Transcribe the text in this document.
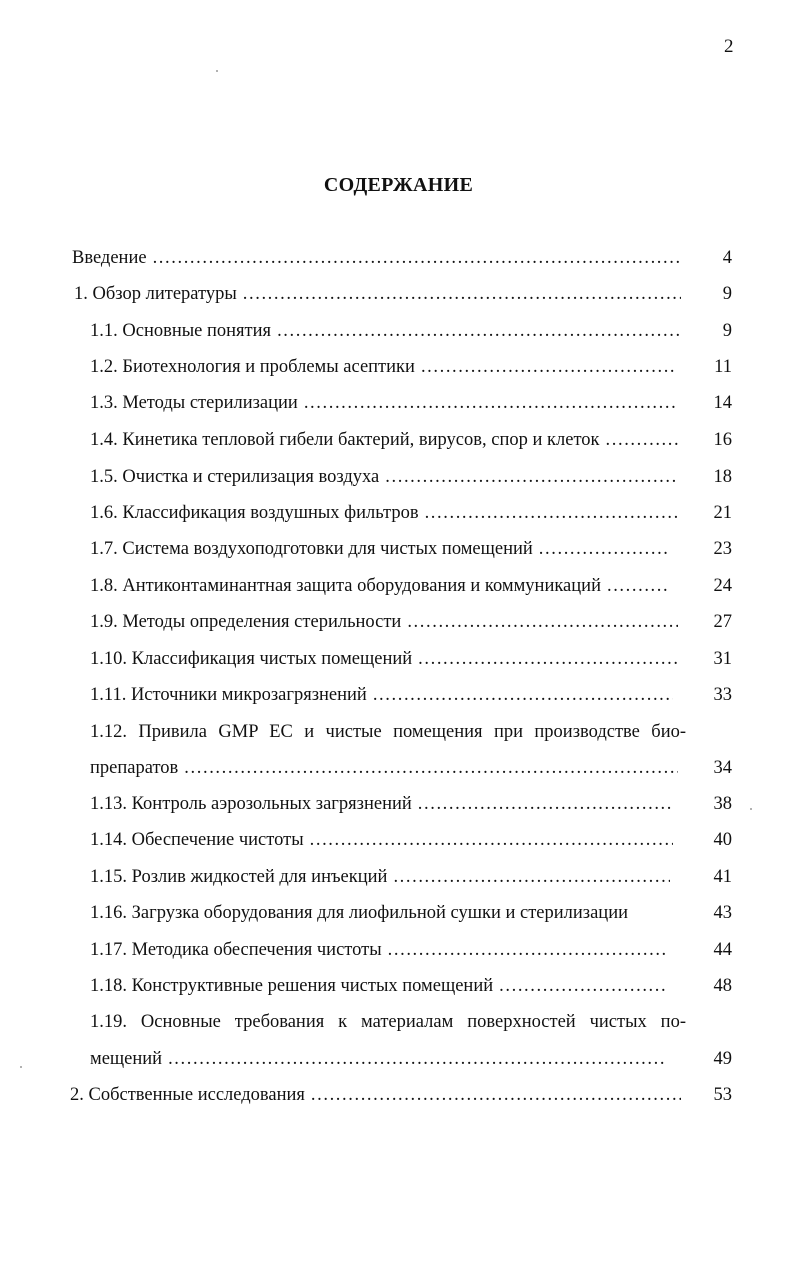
2
СОДЕРЖАНИЕ
Введение .....	4
1. Обзор литературы .....	9
1.1. Основные понятия .....	9
1.2. Биотехнология и проблемы асептики .....	11
1.3. Методы стерилизации .....	14
1.4. Кинетика тепловой гибели бактерий, вирусов, спор и клеток .....	16
1.5. Очистка и стерилизация воздуха .....	18
1.6. Классификация воздушных фильтров .....	21
1.7. Система воздухоподготовки для чистых помещений .....	23
1.8. Антиконтаминантная защита оборудования и коммуникаций .....	24
1.9. Методы определения стерильности .....	27
1.10. Классификация чистых помещений .....	31
1.11. Источники микрозагрязнений .....	33
1.12. Привила GMP ЕС и чистые помещения при производстве био-
препаратов .....	34
1.13. Контроль аэрозольных загрязнений .....	38
1.14. Обеспечение чистоты .....	40
1.15. Розлив жидкостей для инъекций .....	41
1.16. Загрузка оборудования для лиофильной сушки и стерилизации	43
1.17. Методика обеспечения чистоты .....	44
1.18. Конструктивные решения чистых помещений .....	48
1.19. Основные требования к материалам поверхностей чистых по-
мещений .....	49
2. Собственные исследования .....	53
